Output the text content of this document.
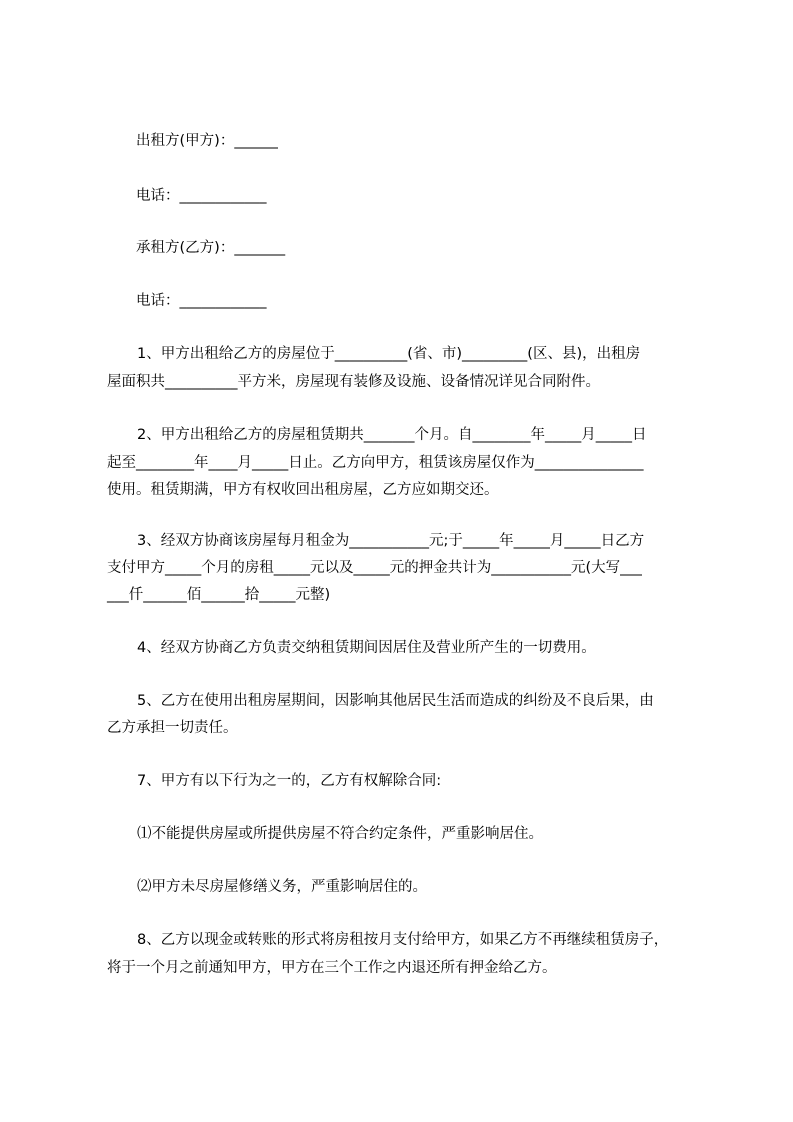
出租方(甲方)：______
电话：____________
承租方(乙方)：_______
电话：____________
1、甲方出租给乙方的房屋位于__________(省、市)_________(区、县)，出租房
屋面积共__________平方米，房屋现有装修及设施、设备情况详见合同附件。
2、甲方出租给乙方的房屋租赁期共_______个月。自________年_____月_____日
起至________年____月_____日止。乙方向甲方，租赁该房屋仅作为_______________
使用。租赁期满，甲方有权收回出租房屋，乙方应如期交还。
3、经双方协商该房屋每月租金为___________元;于_____年_____月_____日乙方
支付甲方_____个月的房租_____元以及_____元的押金共计为___________元(大写___
___仟______佰______拾_____元整)
4、经双方协商乙方负责交纳租赁期间因居住及营业所产生的一切费用。
5、乙方在使用出租房屋期间，因影响其他居民生活而造成的纠纷及不良后果，由
乙方承担一切责任。
7、甲方有以下行为之一的，乙方有权解除合同:
⑴不能提供房屋或所提供房屋不符合约定条件，严重影响居住。
⑵甲方未尽房屋修缮义务，严重影响居住的。
8、乙方以现金或转账的形式将房租按月支付给甲方，如果乙方不再继续租赁房子，
将于一个月之前通知甲方，甲方在三个工作之内退还所有押金给乙方。
